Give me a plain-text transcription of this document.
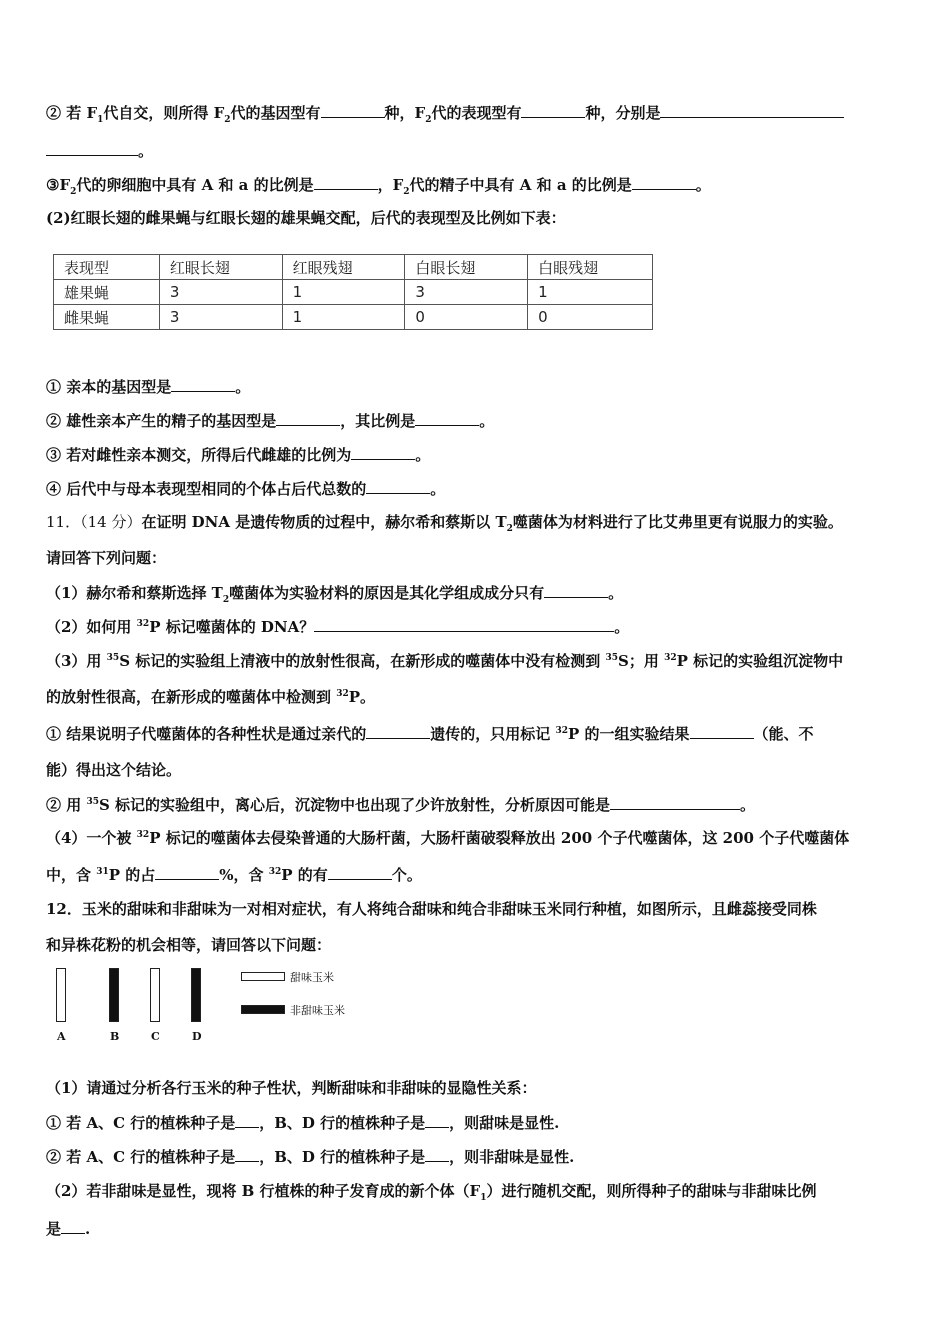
② 若 $F_1$代自交，则所得 $F_2$代的基因型有	种，$F_2$代的表现型有	种，分别是
。
$③F_2$代的卵细胞中具有 A 和 a 的比例是	，$F_2$代的精子中具有 A 和 a 的比例是	。
(2)红眼长翅的雌果蝇与红眼长翅的雄果蝇交配，后代的表现型及比例如下表：
表现型	红眼长翅	红眼残翅	白眼长翅	白眼残翅
雄果蝇	3	1	3	1
雌果蝇	3	1	0	0
① 亲本的基因型是	。
② 雄性亲本产生的精子的基因型是	，其比例是	。
③ 若对雌性亲本测交，所得后代雌雄的比例为	。
④ 后代中与母本表现型相同的个体占后代总数的	。
11．（14 分）在证明 DNA 是遗传物质的过程中，赫尔希和蔡斯以 $T_2$噬菌体为材料进行了比艾弗里更有说服力的实验。
请回答下列问题：
（1）赫尔希和蔡斯选择 $T_2$噬菌体为实验材料的原因是其化学组成成分只有	。
（2）如何用 $^{32}$P 标记噬菌体的 DNA？	。
（3）用 $^{35}$S 标记的实验组上清液中的放射性很高，在新形成的噬菌体中没有检测到 $^{35}$S；用 $^{32}$P 标记的实验组沉淀物中
的放射性很高，在新形成的噬菌体中检测到 $^{32}$P。
① 结果说明子代噬菌体的各种性状是通过亲代的	遗传的，只用标记 $^{32}$P 的一组实验结果	（能、不
能）得出这个结论。
② 用 $^{35}$S 标记的实验组中，离心后，沉淀物中也出现了少许放射性，分析原因可能是	。
（4）一个被 $^{32}$P 标记的噬菌体去侵染普通的大肠杆菌，大肠杆菌破裂释放出 200 个子代噬菌体，这 200 个子代噬菌体
中，含 $^{31}$P 的占	%，含 $^{32}$P 的有	个。
12．玉米的甜味和非甜味为一对相对症状，有人将纯合甜味和纯合非甜味玉米同行种植，如图所示，且雌蕊接受同株
和异株花粉的机会相等，请回答以下问题：
A	B	C	D
甜味玉米
非甜味玉米
（1）请通过分析各行玉米的种子性状，判断甜味和非甜味的显隐性关系：
① 若 A、C 行的植株种子是 ，B、D 行的植株种子是 ，则甜味是显性.
② 若 A、C 行的植株种子是 ，B、D 行的植株种子是 ，则非甜味是显性.
（2）若非甜味是显性，现将 B 行植株的种子发育成的新个体$(F_1)$进行随机交配，则所得种子的甜味与非甜味比例
是 .
